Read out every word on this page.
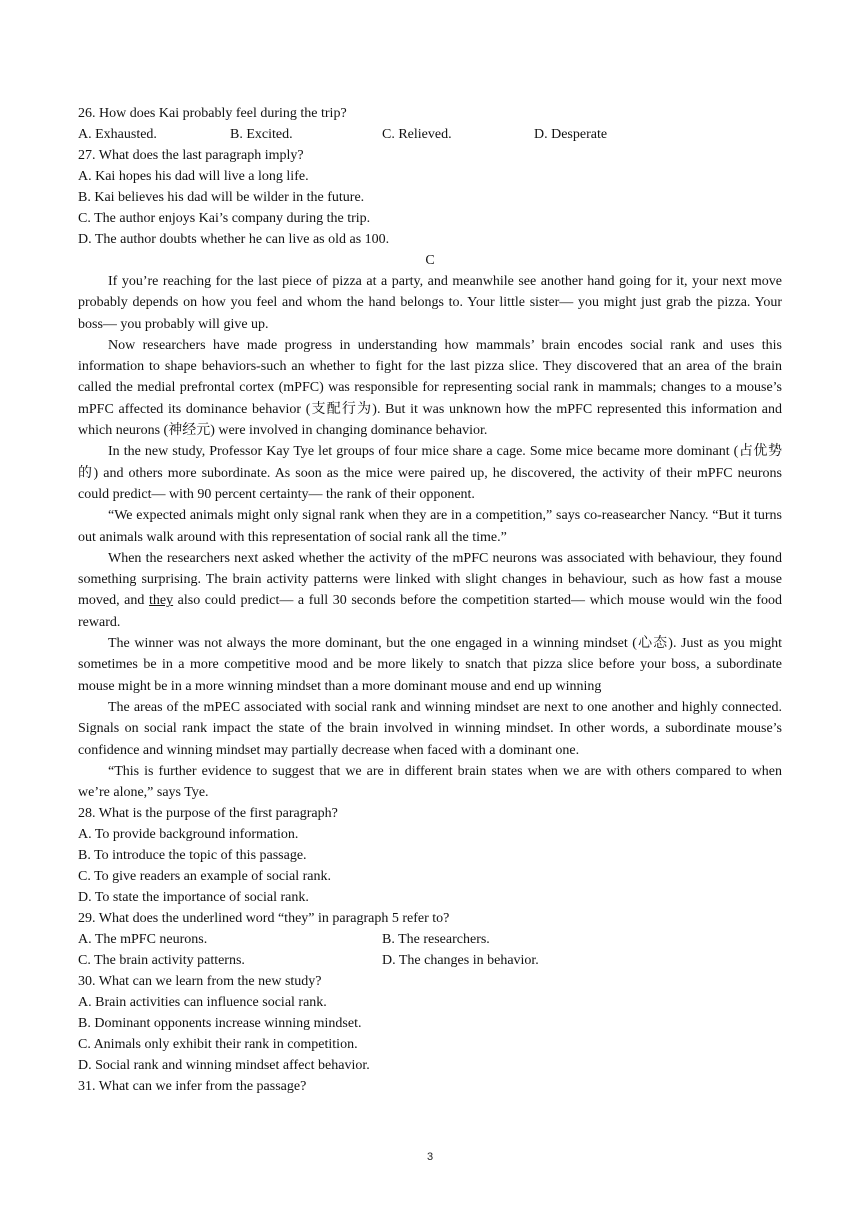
26. How does Kai probably feel during the trip?
A. Exhausted.	B. Excited.	C. Relieved.	D. Desperate
27. What does the last paragraph imply?
A. Kai hopes his dad will live a long life.
B. Kai believes his dad will be wilder in the future.
C. The author enjoys Kai’s company during the trip.
D. The author doubts whether he can live as old as 100.
C

If you’re reaching for the last piece of pizza at a party, and meanwhile see another hand going for it, your next move probably depends on how you feel and whom the hand belongs to. Your little sister— you might just grab the pizza. Your boss— you probably will give up.

Now researchers have made progress in understanding how mammals’ brain encodes social rank and uses this information to shape behaviors-such an whether to fight for the last pizza slice. They discovered that an area of the brain called the medial prefrontal cortex (mPFC) was responsible for representing social rank in mammals; changes to a mouse’s mPFC affected its dominance behavior (支配行为). But it was unknown how the mPFC represented this information and which neurons (神经元) were involved in changing dominance behavior.

In the new study, Professor Kay Tye let groups of four mice share a cage. Some mice became more dominant (占优势的) and others more subordinate. As soon as the mice were paired up, he discovered, the activity of their mPFC neurons could predict— with 90 percent certainty— the rank of their opponent.

“We expected animals might only signal rank when they are in a competition,” says co-reasearcher Nancy. “But it turns out animals walk around with this representation of social rank all the time.”

When the researchers next asked whether the activity of the mPFC neurons was associated with behaviour, they found something surprising. The brain activity patterns were linked with slight changes in behaviour, such as how fast a mouse moved, and they also could predict— a full 30 seconds before the competition started— which mouse would win the food reward.

The winner was not always the more dominant, but the one engaged in a winning mindset (心态). Just as you might sometimes be in a more competitive mood and be more likely to snatch that pizza slice before your boss, a subordinate mouse might be in a more winning mindset than a more dominant mouse and end up winning

The areas of the mPEC associated with social rank and winning mindset are next to one another and highly connected. Signals on social rank impact the state of the brain involved in winning mindset. In other words, a subordinate mouse’s confidence and winning mindset may partially decrease when faced with a dominant one.

“This is further evidence to suggest that we are in different brain states when we are with others compared to when we’re alone,” says Tye.

28. What is the purpose of the first paragraph?
A. To provide background information.
B. To introduce the topic of this passage.
C. To give readers an example of social rank.
D. To state the importance of social rank.
29. What does the underlined word “they” in paragraph 5 refer to?
A. The mPFC neurons.	B. The researchers.
C. The brain activity patterns.	D. The changes in behavior.
30. What can we learn from the new study?
A. Brain activities can influence social rank.
B. Dominant opponents increase winning mindset.
C. Animals only exhibit their rank in competition.
D. Social rank and winning mindset affect behavior.
31. What can we infer from the passage?
3
